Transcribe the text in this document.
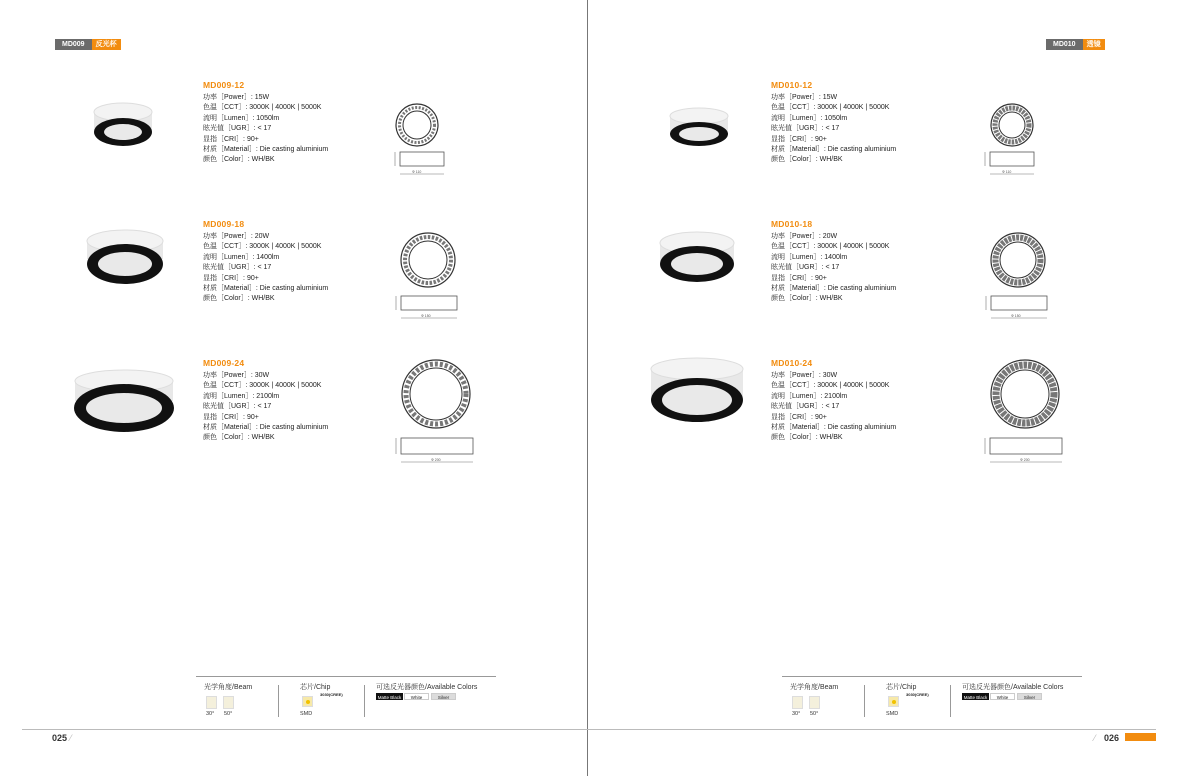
MD009	反光杯
MD009-12
功率［Power］: 15W
色温［CCT］: 3000K | 4000K | 5000K
流明［Lumen］: 1050lm
眩光值［UGR］: < 17
显指［CRI］: 90+
材质［Material］: Die casting aluminium
颜色［Color］: WH/BK
Φ 110
MD009-18
功率［Power］: 20W
色温［CCT］: 3000K | 4000K | 5000K
流明［Lumen］: 1400lm
眩光值［UGR］: < 17
显指［CRI］: 90+
材质［Material］: Die casting aluminium
颜色［Color］: WH/BK
Φ 150
MD009-24
功率［Power］: 30W
色温［CCT］: 3000K | 4000K | 5000K
流明［Lumen］: 2100lm
眩光值［UGR］: < 17
显指［CRI］: 90+
材质［Material］: Die casting aluminium
颜色［Color］: WH/BK
Φ 200
光学角度/Beam
30° 50°
芯片/Chip
3030(CREE)
SMD
可选反光器颜色/Available Colors
Matte Black	White	Silver
025 ⁄
MD010	透镜
MD010-12
功率［Power］: 15W
色温［CCT］: 3000K | 4000K | 5000K
流明［Lumen］: 1050lm
眩光值［UGR］: < 17
显指［CRI］: 90+
材质［Material］: Die casting aluminium
颜色［Color］: WH/BK
Φ 110
MD010-18
功率［Power］: 20W
色温［CCT］: 3000K | 4000K | 5000K
流明［Lumen］: 1400lm
眩光值［UGR］: < 17
显指［CRI］: 90+
材质［Material］: Die casting aluminium
颜色［Color］: WH/BK
Φ 150
MD010-24
功率［Power］: 30W
色温［CCT］: 3000K | 4000K | 5000K
流明［Lumen］: 2100lm
眩光值［UGR］: < 17
显指［CRI］: 90+
材质［Material］: Die casting aluminium
颜色［Color］: WH/BK
Φ 200
光学角度/Beam
30° 50°
芯片/Chip
3030(CREE)
SMD
可选反光器颜色/Available Colors
Matte Black	White	Silver
⁄ 026
